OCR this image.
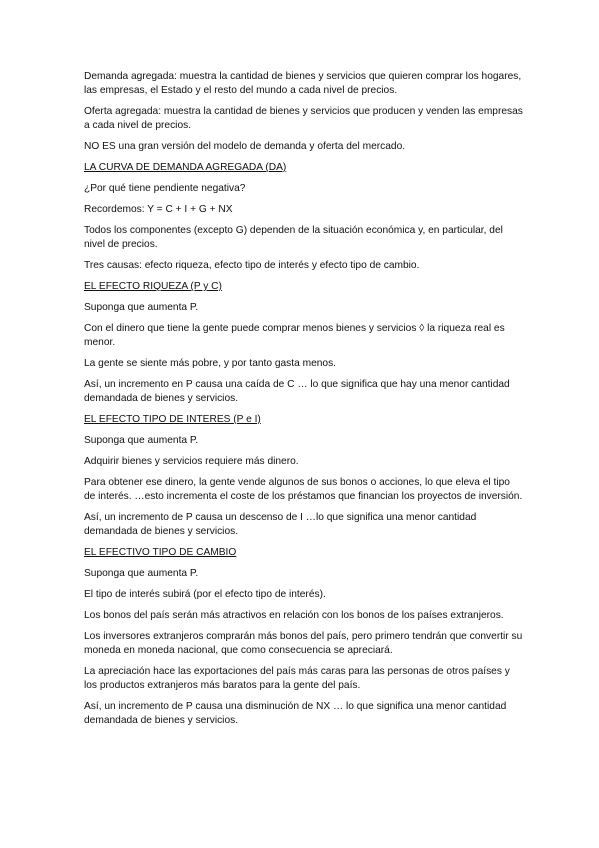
Demanda agregada: muestra la cantidad de bienes y servicios que quieren comprar los hogares, las empresas, el Estado y el resto del mundo a cada nivel de precios.

Oferta agregada: muestra la cantidad de bienes y servicios que producen y venden las empresas a cada nivel de precios.

NO ES una gran versión del modelo de demanda y oferta del mercado.

LA CURVA DE DEMANDA AGREGADA (DA)

¿Por qué tiene pendiente negativa?

Recordemos: Y = C + I + G + NX

Todos los componentes (excepto G) dependen de la situación económica y, en particular, del nivel de precios.

Tres causas: efecto riqueza, efecto tipo de interés y efecto tipo de cambio.

EL EFECTO RIQUEZA (P y C)

Suponga que aumenta P.

Con el dinero que tiene la gente puede comprar menos bienes y servicios ◊ la riqueza real es menor.

La gente se siente más pobre, y por tanto gasta menos.

Así, un incremento en P causa una caída de C … lo que significa que hay una menor cantidad demandada de bienes y servicios.

EL EFECTO TIPO DE INTERES (P e I)

Suponga que aumenta P.

Adquirir bienes y servicios requiere más dinero.

Para obtener ese dinero, la gente vende algunos de sus bonos o acciones, lo que eleva el tipo de interés. …esto incrementa el coste de los préstamos que financian los proyectos de inversión.

Así, un incremento de P causa un descenso de I …lo que significa una menor cantidad demandada de bienes y servicios.

EL EFECTIVO TIPO DE CAMBIO

Suponga que aumenta P.

El tipo de interés subirá (por el efecto tipo de interés).

Los bonos del país serán más atractivos en relación con los bonos de los países extranjeros.

Los inversores extranjeros comprarán más bonos del país, pero primero tendrán que convertir su moneda en moneda nacional, que como consecuencia se apreciará.

La apreciación hace las exportaciones del país más caras para las personas de otros países y los productos extranjeros más baratos para la gente del país.

Así, un incremento de P causa una disminución de NX … lo que significa una menor cantidad demandada de bienes y servicios.
